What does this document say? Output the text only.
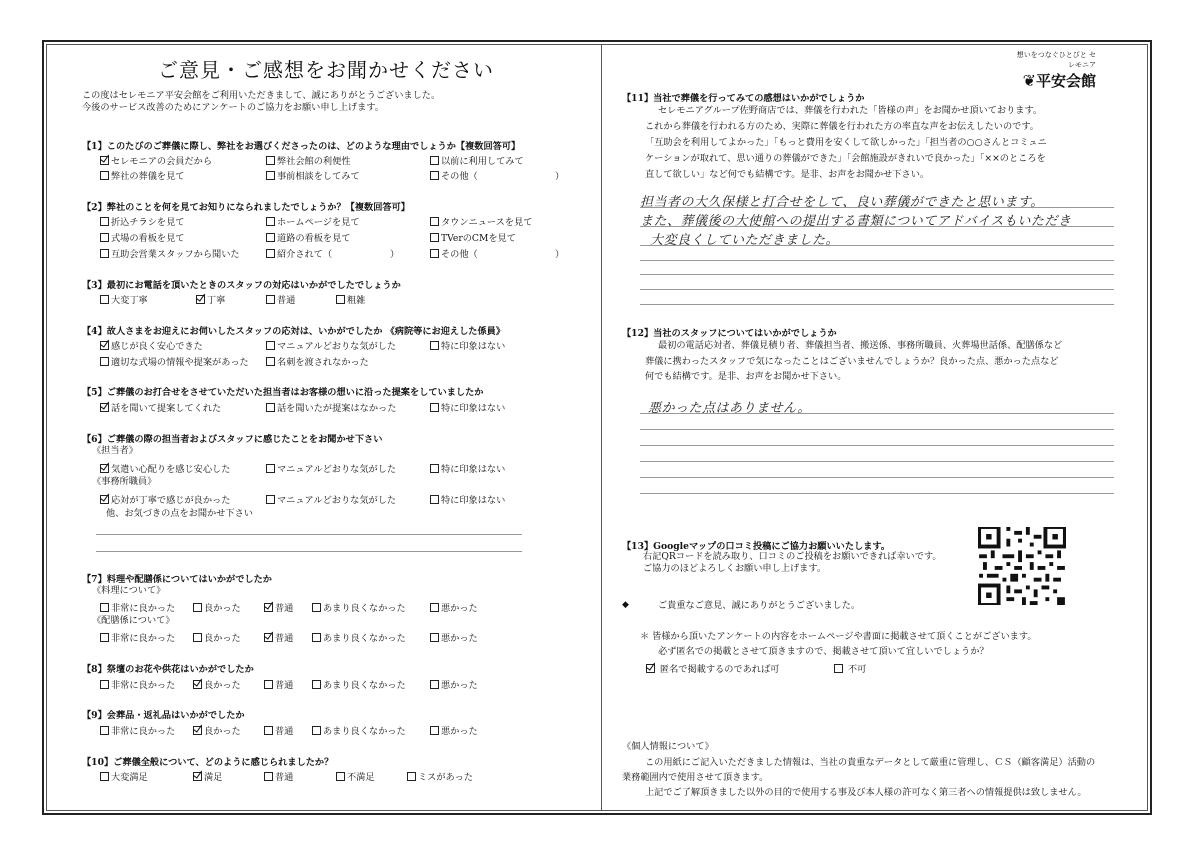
ご意見・ご感想をお聞かせください
この度はセレモニア平安会館をご利用いただきまして、誠にありがとうございました。
今後のサービス改善のためにアンケートのご協力をお願い申し上げます。
【1】このたびのご葬儀に際し、弊社をお選びくださったのは、どのような理由でしょうか【複数回答可】
セレモニアの会員だから	弊社会館の利便性	以前に利用してみて
弊社の葬儀を見て	事前相談をしてみて	その他（	）
【2】弊社のことを何を見てお知りになられましたでしょうか？【複数回答可】
折込チラシを見て	ホームページを見て	タウンニュースを見て
式場の看板を見て	道路の看板を見て	TVerのCMを見て
互助会営業スタッフから聞いた	紹介されて（	）	その他（	）
【3】最初にお電話を頂いたときのスタッフの対応はいかがでしたでしょうか
大変丁寧	丁寧	普通	粗雑
【4】故人さまをお迎えにお伺いしたスタッフの応対は、いかがでしたか 《病院等にお迎えした係員》
感じが良く安心できた	マニュアルどおりな気がした	特に印象はない
適切な式場の情報や提案があった	名刺を渡されなかった
【5】ご葬儀のお打合せをさせていただいた担当者はお客様の想いに沿った提案をしていましたか
話を聞いて提案してくれた	話を聞いたが提案はなかった	特に印象はない
【6】ご葬儀の際の担当者およびスタッフに感じたことをお聞かせ下さい
《担当者》
気遣い心配りを感じ安心した	マニュアルどおりな気がした	特に印象はない
《事務所職員》
応対が丁寧で感じが良かった	マニュアルどおりな気がした	特に印象はない
他、お気づきの点をお聞かせ下さい
【7】料理や配膳係についてはいかがでしたか
《料理について》
非常に良かった	良かった	普通	あまり良くなかった	悪かった
《配膳係について》
非常に良かった	良かった	普通	あまり良くなかった	悪かった
【8】祭壇のお花や供花はいかがでしたか
非常に良かった	良かった	普通	あまり良くなかった	悪かった
【9】会葬品・返礼品はいかがでしたか
非常に良かった	良かった	普通	あまり良くなかった	悪かった
【10】ご葬儀全般について、どのように感じられましたか？
大変満足	満足	普通	不満足	ミスがあった
想いをつなぐひとびと セレモニア
❦平安会館
【11】当社で葬儀を行ってみての感想はいかがでしょうか
セレモニアグループ佐野商店では、葬儀を行われた「皆様の声」をお聞かせ頂いております。
これから葬儀を行われる方のため、実際に葬儀を行われた方の率直な声をお伝えしたいのです。
「互助会を利用してよかった」「もっと費用を安くして欲しかった」「担当者の○○さんとコミュニ
ケーションが取れて、思い通りの葬儀ができた」「会館施設がきれいで良かった」「××のところを
直して欲しい」など何でも結構です。是非、お声をお聞かせ下さい。
担当者の大久保様と打合せをして、良い葬儀ができたと思います。
また、葬儀後の大使館への提出する書類についてアドバイスもいただき
大変良くしていただきました。
【12】当社のスタッフについてはいかがでしょうか
最初の電話応対者、葬儀見積り者、葬儀担当者、搬送係、事務所職員、火葬場世話係、配膳係など
葬儀に携わったスタッフで気になったことはございませんでしょうか？良かった点、悪かった点など
何でも結構です。是非、お声をお聞かせ下さい。
悪かった点はありません。
【13】Googleマップの口コミ投稿にご協力お願いいたします。
右記QRコードを読み取り、口コミのご投稿をお願いできれば幸いです。
ご協力のほどよろしくお願い申し上げます。
◆	ご貴重なご意見、誠にありがとうございました。
＊ 皆様から頂いたアンケートの内容をホームページや書面に掲載させて頂くことがございます。
必ず匿名での掲載とさせて頂きますので、掲載させて頂いて宜しいでしょうか？
匿名で掲載するのであれば可	不可
《個人情報について》
この用紙にご記入いただきました情報は、当社の貴重なデータとして厳重に管理し、ＣＳ（顧客満足）活動の
業務範囲内で使用させて頂きます。
上記でご了解頂きました以外の目的で使用する事及び本人様の許可なく第三者への情報提供は致しません。
